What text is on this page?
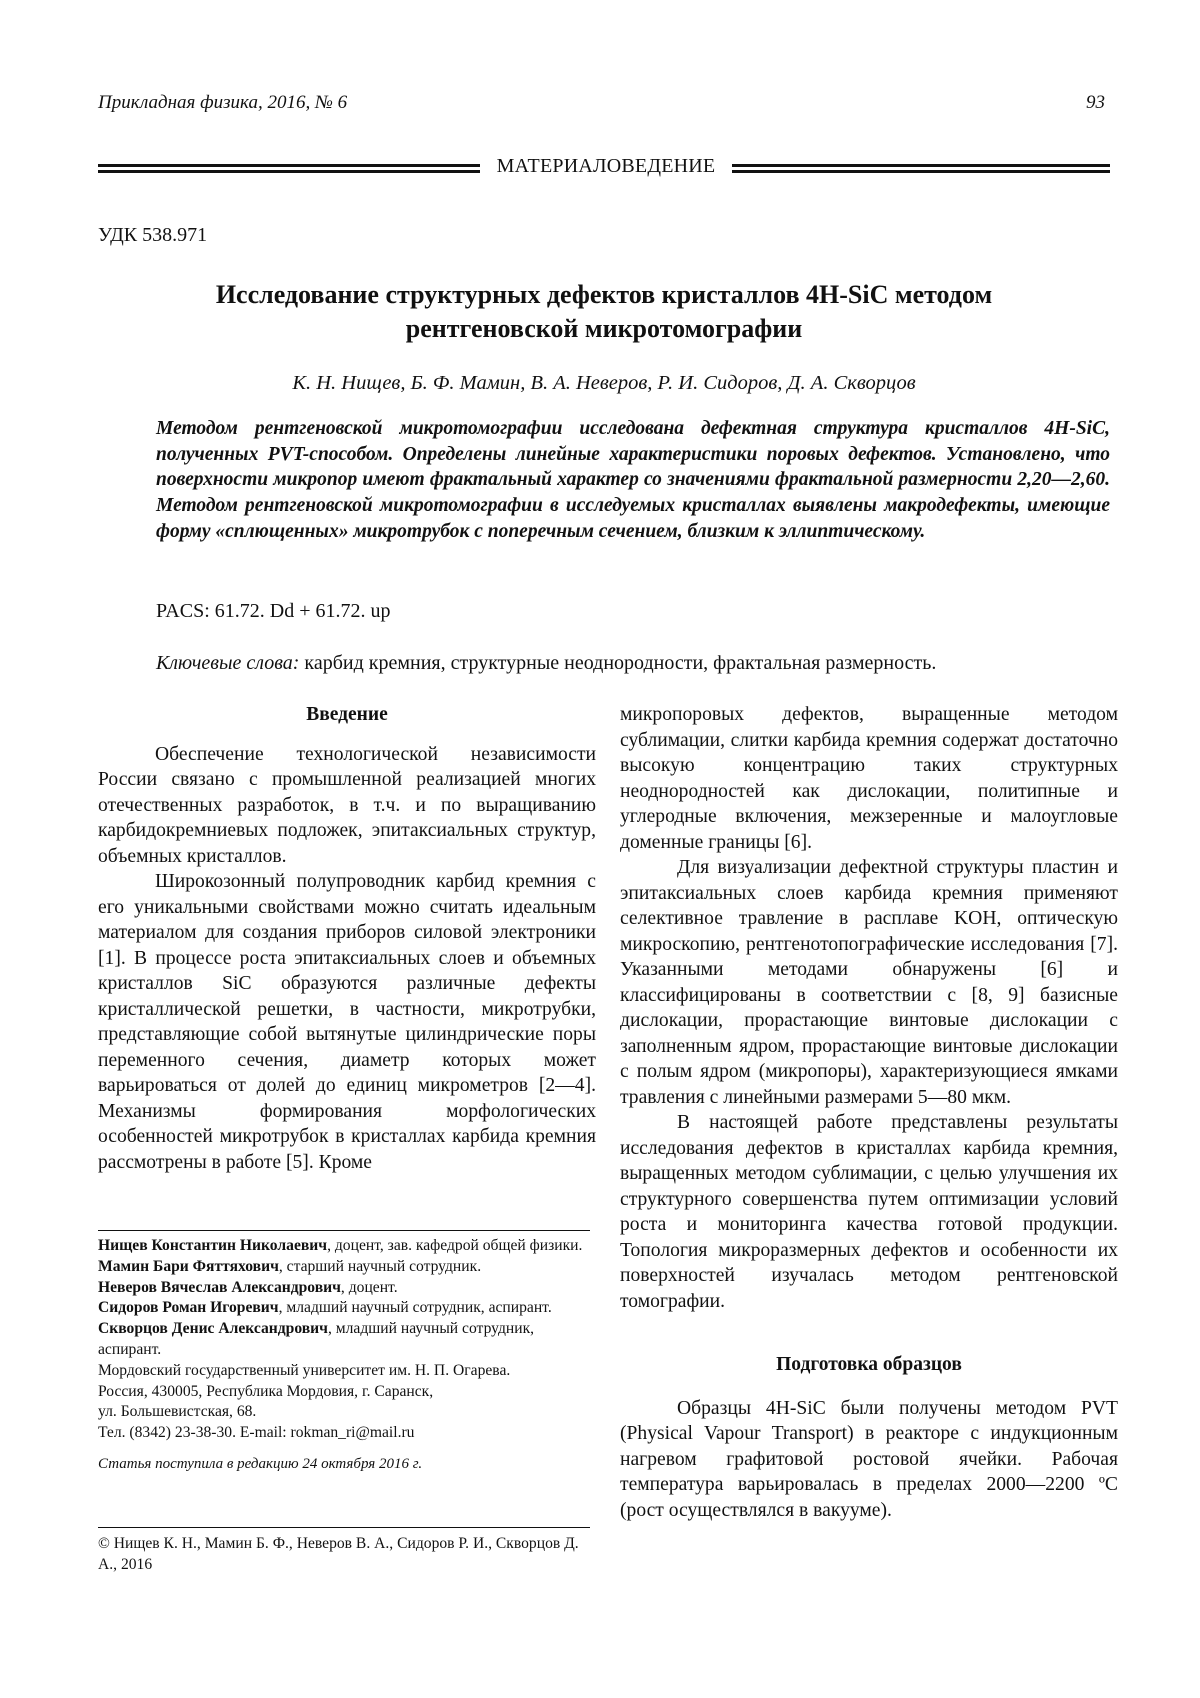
Прикладная физика, 2016, № 6	93
МАТЕРИАЛОВЕДЕНИЕ
УДК 538.971
Исследование структурных дефектов кристаллов 4H-SiC методом
рентгеновской микротомографии
К. Н. Нищев, Б. Ф. Мамин, В. А. Неверов, Р. И. Сидоров, Д. А. Скворцов
Методом рентгеновской микротомографии исследована дефектная структура кристаллов 4H-SiC, полученных PVT-способом. Определены линейные характеристики поровых дефектов. Установлено, что поверхности микропор имеют фрактальный характер со значениями фрактальной размерности 2,20—2,60. Методом рентгеновской микротомографии в исследуемых кристаллах выявлены макродефекты, имеющие форму «сплющенных» микротрубок с поперечным сечением, близким к эллиптическому.
PACS: 61.72. Dd + 61.72. up
Ключевые слова: карбид кремния, структурные неоднородности, фрактальная размерность.
Введение

Обеспечение технологической независимости России связано с промышленной реализацией многих отечественных разработок, в т.ч. и по выращиванию карбидокремниевых подложек, эпитаксиальных структур, объемных кристаллов.

Широкозонный полупроводник карбид кремния с его уникальными свойствами можно считать идеальным материалом для создания приборов силовой электроники [1]. В процессе роста эпитаксиальных слоев и объемных кристаллов SiC образуются различные дефекты кристаллической решетки, в частности, микротрубки, представляющие собой вытянутые цилиндрические поры переменного сечения, диаметр которых может варьироваться от долей до единиц микрометров [2—4]. Механизмы формирования морфологических особенностей микротрубок в кристаллах карбида кремния рассмотрены в работе [5]. Кроме

Нищев Константин Николаевич, доцент, зав. кафедрой общей физики.

Мамин Бари Фяттяхович, старший научный сотрудник.

Неверов Вячеслав Александрович, доцент.

Сидоров Роман Игоревич, младший научный сотрудник, аспирант.

Скворцов Денис Александрович, младший научный сотрудник, аспирант.

Мордовский государственный университет им. Н. П. Огарева.

Россия, 430005, Республика Мордовия, г. Саранск,

ул. Большевистская, 68.

Тел. (8342) 23-38-30. E-mail: rokman_ri@mail.ru

Статья поступила в редакцию 24 октября 2016 г.

© Нищев К. Н., Мамин Б. Ф., Неверов В. А., Сидоров Р. И., Скворцов Д. А., 2016

микропоровых дефектов, выращенные методом сублимации, слитки карбида кремния содержат достаточно высокую концентрацию таких структурных неоднородностей как дислокации, политипные и углеродные включения, межзеренные и малоугловые доменные границы [6].

Для визуализации дефектной структуры пластин и эпитаксиальных слоев карбида кремния применяют селективное травление в расплаве KOH, оптическую микроскопию, рентгенотопографические исследования [7]. Указанными методами обнаружены [6] и классифицированы в соответствии с [8, 9] базисные дислокации, прорастающие винтовые дислокации с заполненным ядром, прорастающие винтовые дислокации с полым ядром (микропоры), характеризующиеся ямками травления с линейными размерами 5—80 мкм.

В настоящей работе представлены результаты исследования дефектов в кристаллах карбида кремния, выращенных методом сублимации, с целью улучшения их структурного совершенства путем оптимизации условий роста и мониторинга качества готовой продукции. Топология микроразмерных дефектов и особенности их поверхностей изучалась методом рентгеновской томографии.

Подготовка образцов

Образцы 4H-SiC были получены методом PVT (Physical Vapour Transport) в реакторе с индукционным нагревом графитовой ростовой ячейки. Рабочая температура варьировалась в пределах 2000—2200 ºC (рост осуществлялся в вакууме).
